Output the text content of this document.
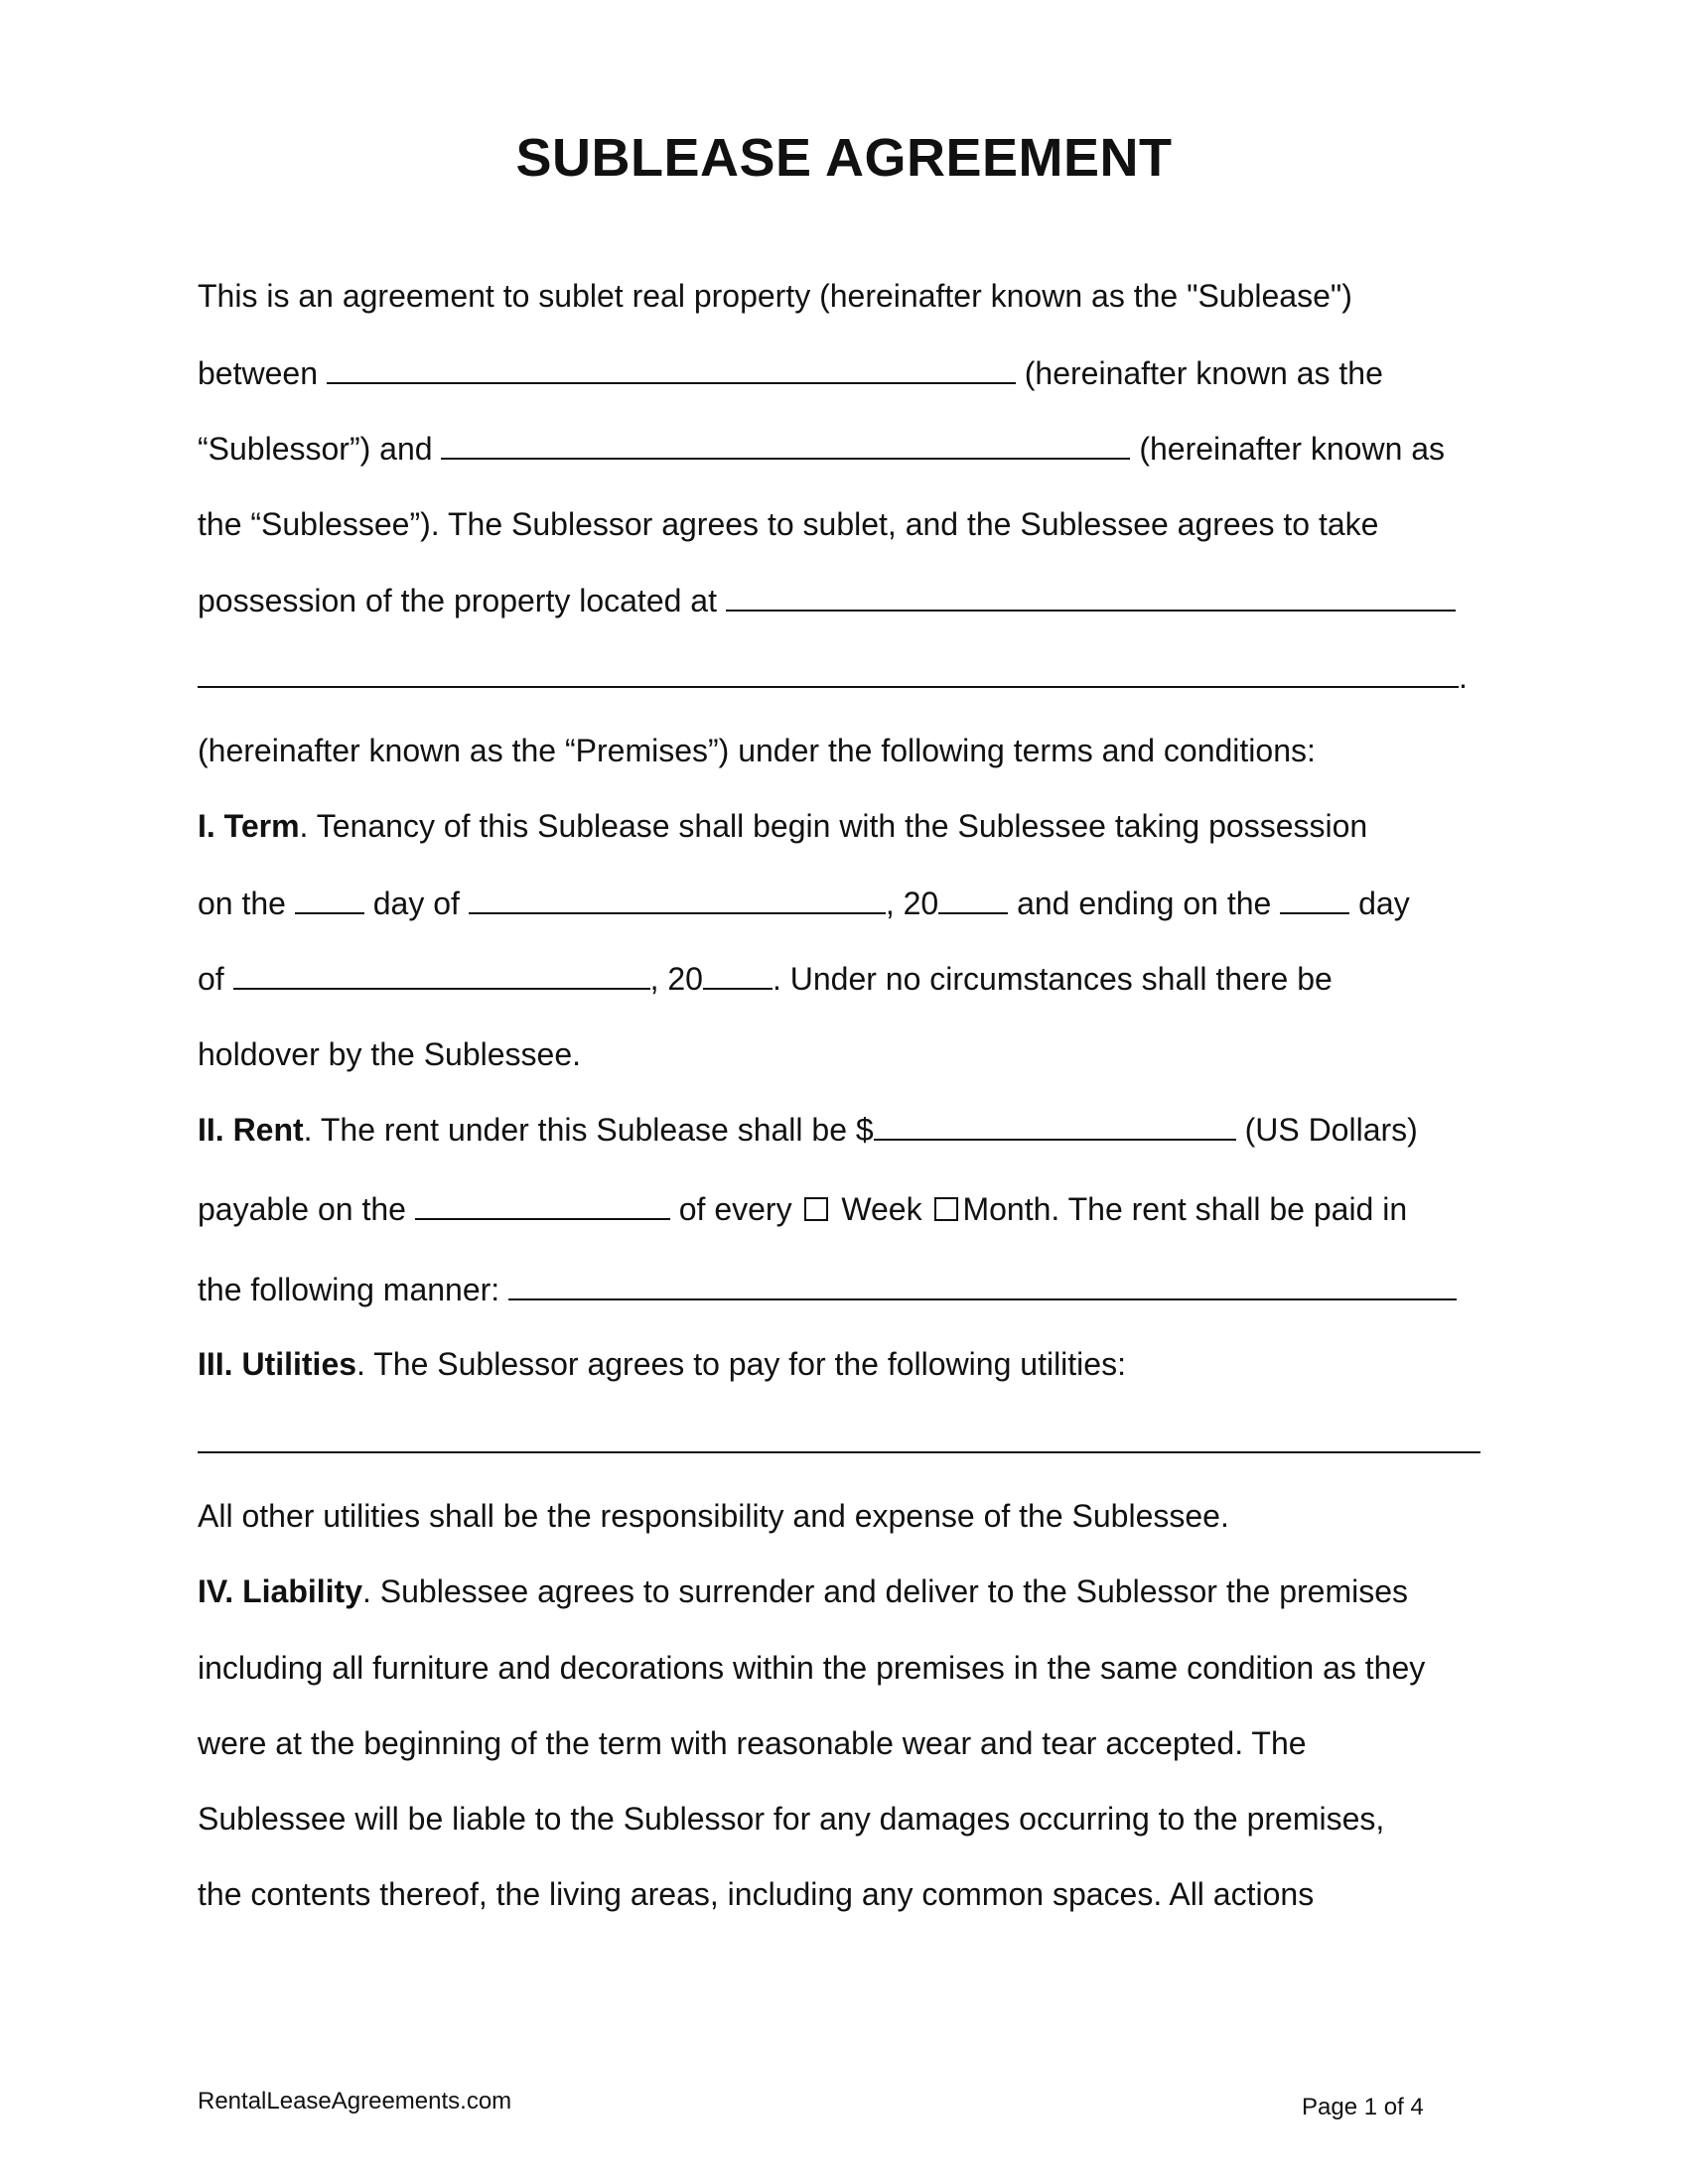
SUBLEASE AGREEMENT
This is an agreement to sublet real property (hereinafter known as the "Sublease")
between	(hereinafter known as the
“Sublessor”) and	(hereinafter known as
the “Sublessee”). The Sublessor agrees to sublet, and the Sublessee agrees to take
possession of the property located at
.
(hereinafter known as the “Premises”) under the following terms and conditions:
I. Term. Tenancy of this Sublease shall begin with the Sublessee taking possession
on the	day of	, 20 and ending on the	day
of	, 20 . Under no circumstances shall there be
holdover by the Sublessee.
II. Rent. The rent under this Sublease shall be $	(US Dollars)
payable on the	of every Week Month. The rent shall be paid in
the following manner:
III. Utilities. The Sublessor agrees to pay for the following utilities:
All other utilities shall be the responsibility and expense of the Sublessee.
IV. Liability. Sublessee agrees to surrender and deliver to the Sublessor the premises
including all furniture and decorations within the premises in the same condition as they
were at the beginning of the term with reasonable wear and tear accepted. The
Sublessee will be liable to the Sublessor for any damages occurring to the premises,
the contents thereof, the living areas, including any common spaces. All actions
RentalLeaseAgreements.com	Page 1 of 4
